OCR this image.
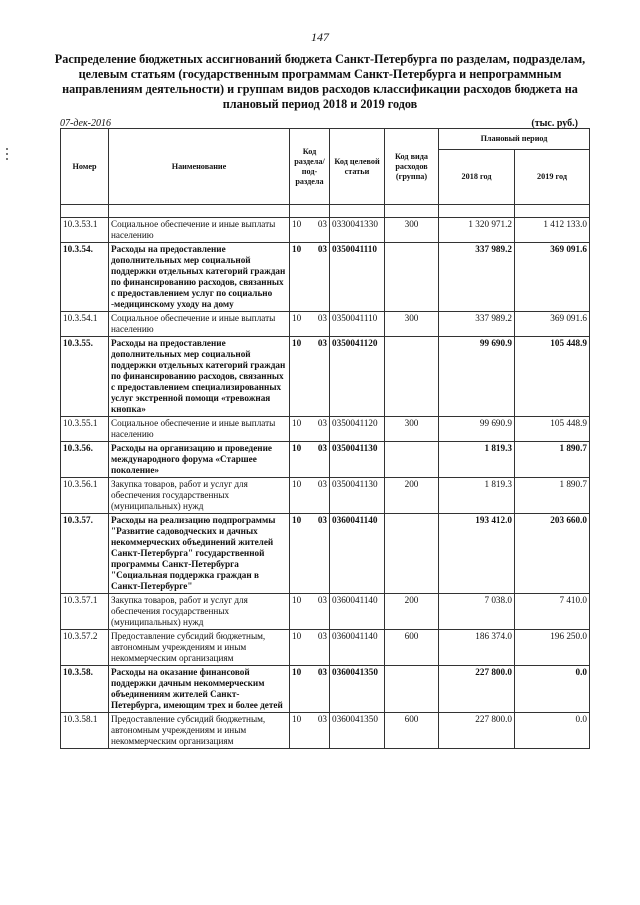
147
Распределение бюджетных ассигнований бюджета Санкт-Петербурга по разделам, подразделам, целевым статьям (государственным программам Санкт-Петербурга и непрограммным направлениям деятельности) и группам видов расходов классификации расходов бюджета на плановый период 2018 и 2019 годов
07-дек-2016	(тыс. руб.)
Номер	Наименование	Код раздела/ под- раздела	Код целевой статьи	Код вида расходов (группа)	Плановый период	
					2018 год	2019 год

10.3.53.1	Социальное обеспечение и иные выплаты населению	10 03	0330041330	300	1 320 971.2	1 412 133.0
10.3.54.	Расходы на предоставление дополнительных мер социальной поддержки отдельных категорий граждан по финансированию расходов, связанных с предоставлением услуг по социально -медицинскому уходу на дому	10 03	0350041110		337 989.2	369 091.6
10.3.54.1	Социальное обеспечение и иные выплаты населению	10 03	0350041110	300	337 989.2	369 091.6
10.3.55.	Расходы на предоставление дополнительных мер социальной поддержки отдельных категорий граждан по финансированию расходов, связанных с предоставлением специализированных услуг экстренной помощи «тревожная кнопка»	10 03	0350041120		99 690.9	105 448.9
10.3.55.1	Социальное обеспечение и иные выплаты населению	10 03	0350041120	300	99 690.9	105 448.9
10.3.56.	Расходы на организацию и проведение международного форума «Старшее поколение»	10 03	0350041130		1 819.3	1 890.7
10.3.56.1	Закупка товаров, работ и услуг для обеспечения государственных (муниципальных) нужд	10 03	0350041130	200	1 819.3	1 890.7
10.3.57.	Расходы на реализацию подпрограммы "Развитие садоводческих и дачных некоммерческих объединений жителей Санкт-Петербурга" государственной программы Санкт-Петербурга "Социальная поддержка граждан в Санкт-Петербурге"	10 03	0360041140		193 412.0	203 660.0
10.3.57.1	Закупка товаров, работ и услуг для обеспечения государственных (муниципальных) нужд	10 03	0360041140	200	7 038.0	7 410.0
10.3.57.2	Предоставление субсидий бюджетным, автономным учреждениям и иным некоммерческим организациям	10 03	0360041140	600	186 374.0	196 250.0
10.3.58.	Расходы на оказание финансовой поддержки дачным некоммерческим объединениям жителей Санкт-Петербурга, имеющим трех и более детей	10 03	0360041350		227 800.0	0.0
10.3.58.1	Предоставление субсидий бюджетным, автономным учреждениям и иным некоммерческим организациям	10 03	0360041350	600	227 800.0	0.0
